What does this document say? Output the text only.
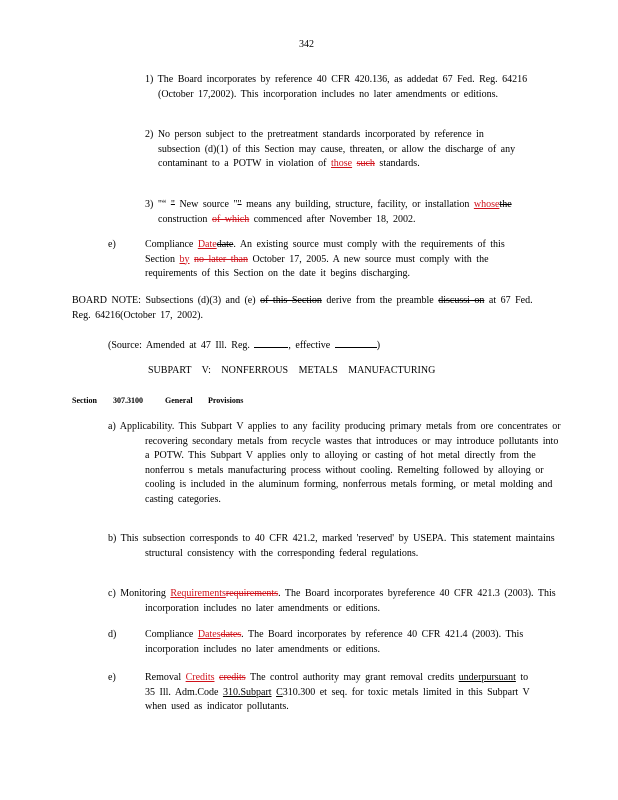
342
1) The Board incorporates by reference 40 CFR 420.136, as addedat 67 Fed. Reg. 64216 (October 17,2002). This incorporation includes no later amendments or editions.
2) No person subject to the pretreatment standards incorporated by reference in subsection (d)(1) of this Section may cause, threaten, or allow the discharge of any contaminant to a POTW in violation of those such standards.
3) "“ " New source "" means any building, structure, facility, or installation whosethe construction of which commenced after November 18, 2002.
e)	Compliance Datedate. An existing source must comply with the requirements of this Section by no later than October 17, 2005. A new source must comply with the requirements of this Section on the date it begins discharging.
BOARD NOTE: Subsections (d)(3) and (e) of this Section derive from the preamble discussi on at 67 Fed. Reg. 64216(October 17, 2002).
(Source: Amended at 47 Ill. Reg.	, effective	)
SUBPART V: NONFERROUS METALS MANUFACTURING
Section 307.3100	General Provisions
a) Applicability. This Subpart V applies to any facility producing primary metals from ore concentrates or recovering secondary metals from recycle wastes that introduces or may introduce pollutants into a POTW. This Subpart V applies only to alloying or casting of hot metal directly from the nonferrou s metals manufacturing process without cooling. Remelting followed by alloying or cooling is included in the aluminum forming, nonferrous metals forming, or metal molding and casting categories.
b) This subsection corresponds to 40 CFR 421.2, marked 'reserved' by USEPA. This statement maintains structural consistency with the corresponding federal regulations.
c) Monitoring Requirementsrequirements. The Board incorporates byreference 40 CFR 421.3 (2003). This incorporation includes no later amendments or editions.
d)	Compliance Datesdates. The Board incorporates by reference 40 CFR 421.4 (2003). This incorporation includes no later amendments or editions.
e)	Removal Credits credits The control authority may grant removal credits underpursuant to 35 Ill. Adm.Code 310.Subpart C310.300 et seq. for toxic metals limited in this Subpart V when used as indicator pollutants.
